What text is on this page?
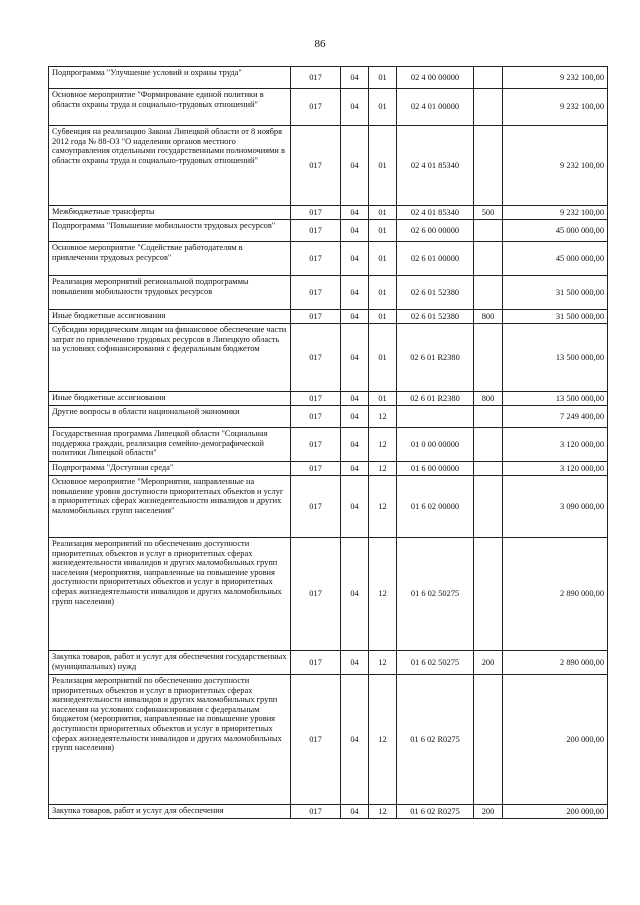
86
Подпрограмма "Улучшение условий и охраны труда"	017	04	01	02 4 00 00000		9 232 100,00
Основное мероприятие "Формирование единой политики в области охраны труда и социально-трудовых отношений"	017	04	01	02 4 01 00000		9 232 100,00
Субвенция на реализацию Закона Липецкой области от 8 ноября 2012 года № 88-ОЗ "О наделении органов местного самоуправления отдельными государственными полномочиями в области охраны труда и социально-трудовых отношений"	017	04	01	02 4 01 85340		9 232 100,00
Межбюджетные трансферты	017	04	01	02 4 01 85340	500	9 232 100,00
Подпрограмма "Повышение мобильности трудовых ресурсов"	017	04	01	02 6 00 00000		45 000 000,00
Основное мероприятие "Содействие работодателям в привлечении трудовых ресурсов"	017	04	01	02 6 01 00000		45 000 000,00
Реализация мероприятий региональной подпрограммы повышения мобильности трудовых ресурсов	017	04	01	02 6 01 52380		31 500 000,00
Иные бюджетные ассигнования	017	04	01	02 6 01 52380	800	31 500 000,00
Субсидии юридическим лицам на финансовое обеспечение части затрат по привлечению трудовых ресурсов в Липецкую область на условиях софинансирования с федеральным бюджетом	017	04	01	02 6 01 R2380		13 500 000,00
Иные бюджетные ассигнования	017	04	01	02 6 01 R2380	800	13 500 000,00
Другие вопросы в области национальной экономики	017	04	12			7 249 400,00
Государственная программа Липецкой области "Социальная поддержка граждан, реализация семейно-демографической политики Липецкой области"	017	04	12	01 0 00 00000		3 120 000,00
Подпрограмма "Доступная среда"	017	04	12	01 6 00 00000		3 120 000,00
Основное мероприятие "Мероприятия, направленные на повышение уровня доступности приоритетных объектов и услуг в приоритетных сферах жизнедеятельности инвалидов и других маломобильных групп населения"	017	04	12	01 6 02 00000		3 090 000,00
Реализация мероприятий по обеспечению доступности приоритетных объектов и услуг в приоритетных сферах жизнедеятельности инвалидов и других маломобильных групп населения (мероприятия, направленные на повышение уровня доступности приоритетных объектов и услуг в приоритетных сферах жизнедеятельности инвалидов и других маломобильных групп населения)	017	04	12	01 6 02 50275		2 890 000,00
Закупка товаров, работ и услуг для обеспечения государственных (муниципальных) нужд	017	04	12	01 6 02 50275	200	2 890 000,00
Реализация мероприятий по обеспечению доступности приоритетных объектов и услуг в приоритетных сферах жизнедеятельности инвалидов и других маломобильных групп населения на условиях софинансирования с федеральным бюджетом (мероприятия, направленные на повышение уровня доступности приоритетных объектов и услуг в приоритетных сферах жизнедеятельности инвалидов и других маломобильных групп населения)	017	04	12	01 6 02 R0275		200 000,00
Закупка товаров, работ и услуг для обеспечения	017	04	12	01 6 02 R0275	200	200 000,00
